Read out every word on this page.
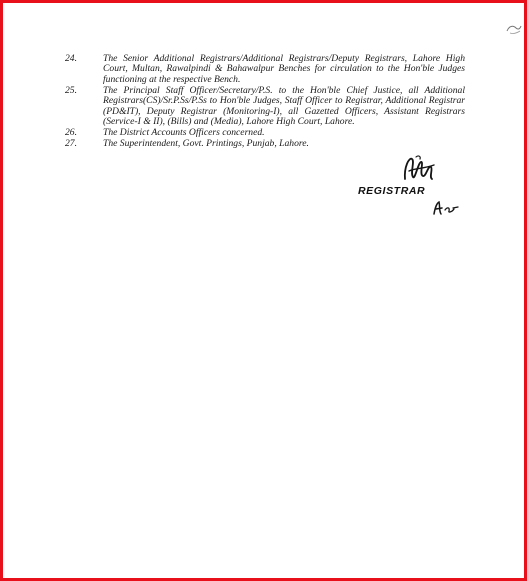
24.	The Senior Additional Registrars/Additional Registrars/Deputy Registrars, Lahore High Court, Multan, Rawalpindi & Bahawalpur Benches for circulation to the Hon'ble Judges functioning at the respective Bench.
25.	The Principal Staff Officer/Secretary/P.S. to the Hon'ble Chief Justice, all Additional Registrars(CS)/Sr.P.Ss/P.Ss to Hon'ble Judges, Staff Officer to Registrar, Additional Registrar (PD&IT), Deputy Registrar (Monitoring-I), all Gazetted Officers, Assistant Registrars (Service-I & II), (Bills) and (Media), Lahore High Court, Lahore.
26.	The District Accounts Officers concerned.
27.	The Superintendent, Govt. Printings, Punjab, Lahore.
REGISTRAR
